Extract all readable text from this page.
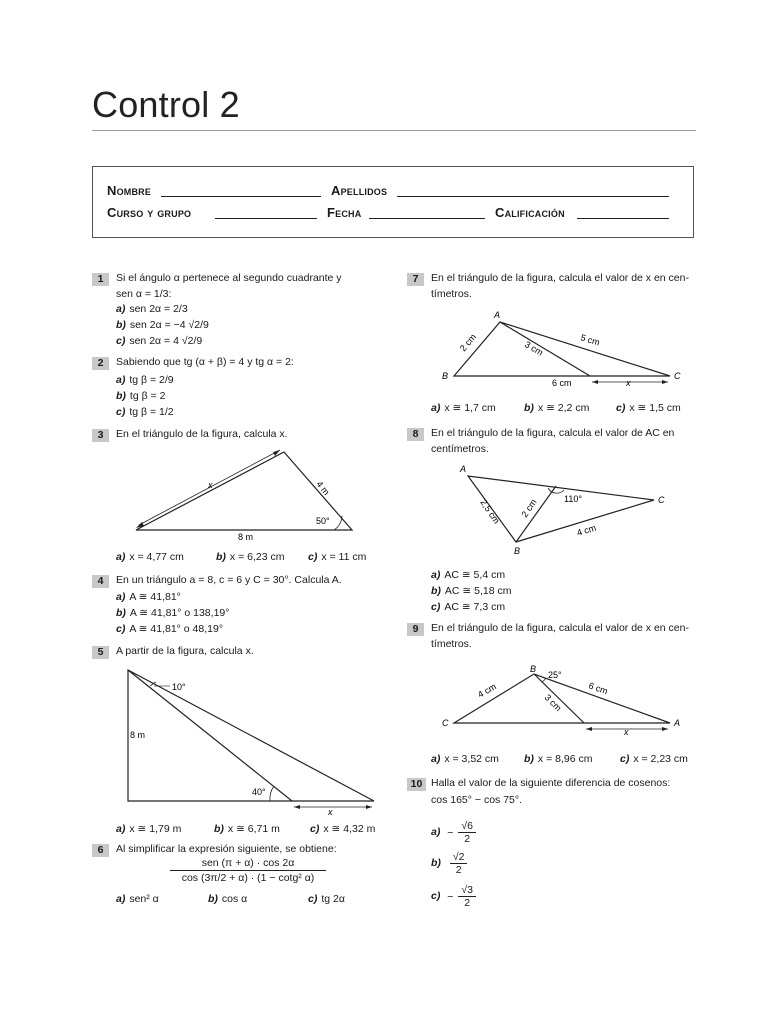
Control 2
Nombre	Apellidos
Curso y grupo	Fecha	Calificación
1	Si el ángulo α pertenece al segundo cuadrante y
sen α = 1/3:
a) sen 2α = 2/3
b) sen 2α = −4 √2/9
c) sen 2α = 4 √2/9
2	Sabiendo que tg (α + β) = 4 y tg α = 2:
a) tg β = 2/9
b) tg β = 2
c) tg β = 1/2
3	En el triángulo de la figura, calcula x.
x	4 m
8 m
50°
a) x = 4,77 cm	b) x = 6,23 cm c) x = 11 cm
4	En un triángulo a = 8, c = 6 y C = 30°. Calcula A.
a) A ≅ 41,81°
b) A ≅ 41,81° o 138,19°
c) A ≅ 41,81° o 48,19°
5	A partir de la figura, calcula x.
10°
8 m
40°
x
a) x ≅ 1,79 m	b) x ≅ 6,71 m	c) x ≅ 4,32 m
6	Al simplificar la expresión siguiente, se obtiene:
sen (π + α) · cos 2α
cos (3π/2 + α) · (1 − cotg² α)
a) sen² α	b) cos α	c) tg 2α
7	En el triángulo de la figura, calcula el valor de x en cen-
tímetros.
A
B	C
2 cm	3 cm	5 cm
6 cm	x
a) x ≅ 1,7 cm	b) x ≅ 2,2 cm	c) x ≅ 1,5 cm
8	En el triángulo de la figura, calcula el valor de AC en
centímetros.
A
B
C
2,5 cm 2 cm	110°
4 cm
a) AC ≅ 5,4 cm
b) AC ≅ 5,18 cm
c) AC ≅ 7,3 cm
9	En el triángulo de la figura, calcula el valor de x en cen-
tímetros.
B
C	A
25°
4 cm
3 cm
6 cm
x
a) x = 3,52 cm b) x = 8,96 cm	c) x = 2,23 cm
10 Halla el valor de la siguiente diferencia de cosenos:
cos 165° − cos 75°.
$a) - \frac{√6}{2}$
$b) \frac{√2}{2}$
$c) - \frac{√3}{2}$
